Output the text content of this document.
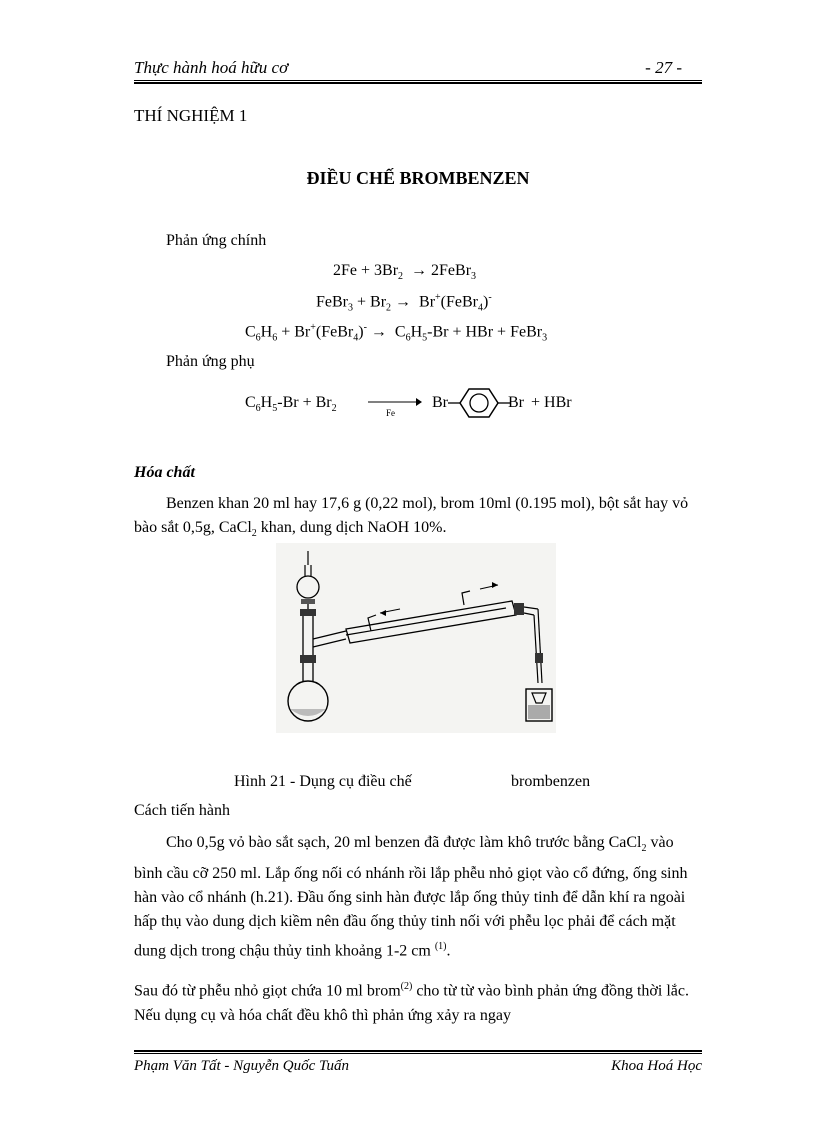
Thực hành hoá hữu cơ	- 27 -
THÍ NGHIỆM 1
ĐIỀU CHẾ BROMBENZEN
Phản ứng chính
$2Fe + 3Br_2$  → 2FeBr$_3$
FeBr$_3$ + $Br_2$ →  Br+(FeBr$_4$)-
$C_6H_6$ + Br+(FeBr$_4$)- →  $C_6H_5-Br$ + HBr + FeBr$_3$
Phản ứng phụ
$C_6H_5-Br + Br_2$	Fe
Br	Br + HBr
Hóa chất
Benzen khan 20 ml hay 17,6 g (0,22 mol), brom 10ml (0.195 mol), bột sắt hay vỏ bào sắt 0,5g, CaCl$_2$ khan, dung dịch NaOH 10%.
Hình 21 - Dụng cụ điều chế	brombenzen
Cách tiến hành
Cho 0,5g vỏ bào sắt sạch, 20 ml benzen đã được làm khô trước bằng CaCl$_2$ vào bình cầu cỡ 250 ml. Lắp ống nối có nhánh rồi lắp phễu nhỏ giọt vào cổ đứng, ống sinh hàn vào cổ nhánh (h.21). Đầu ống sinh hàn được lắp ống thủy tinh để dẫn khí ra ngoài hấp thụ vào dung dịch kiềm nên đầu ống thủy tinh nối với phễu lọc phải để cách mặt dung dịch trong chậu thủy tinh khoảng 1-2 cm $^{(1)}$.
Sau đó từ phễu nhỏ giọt chứa 10 ml brom$^{(2)}$ cho từ từ vào bình phản ứng đồng thời lắc. Nếu dụng cụ và hóa chất đều khô thì phản ứng xảy ra ngay
Phạm Văn Tất - Nguyễn Quốc Tuấn	Khoa Hoá Học
